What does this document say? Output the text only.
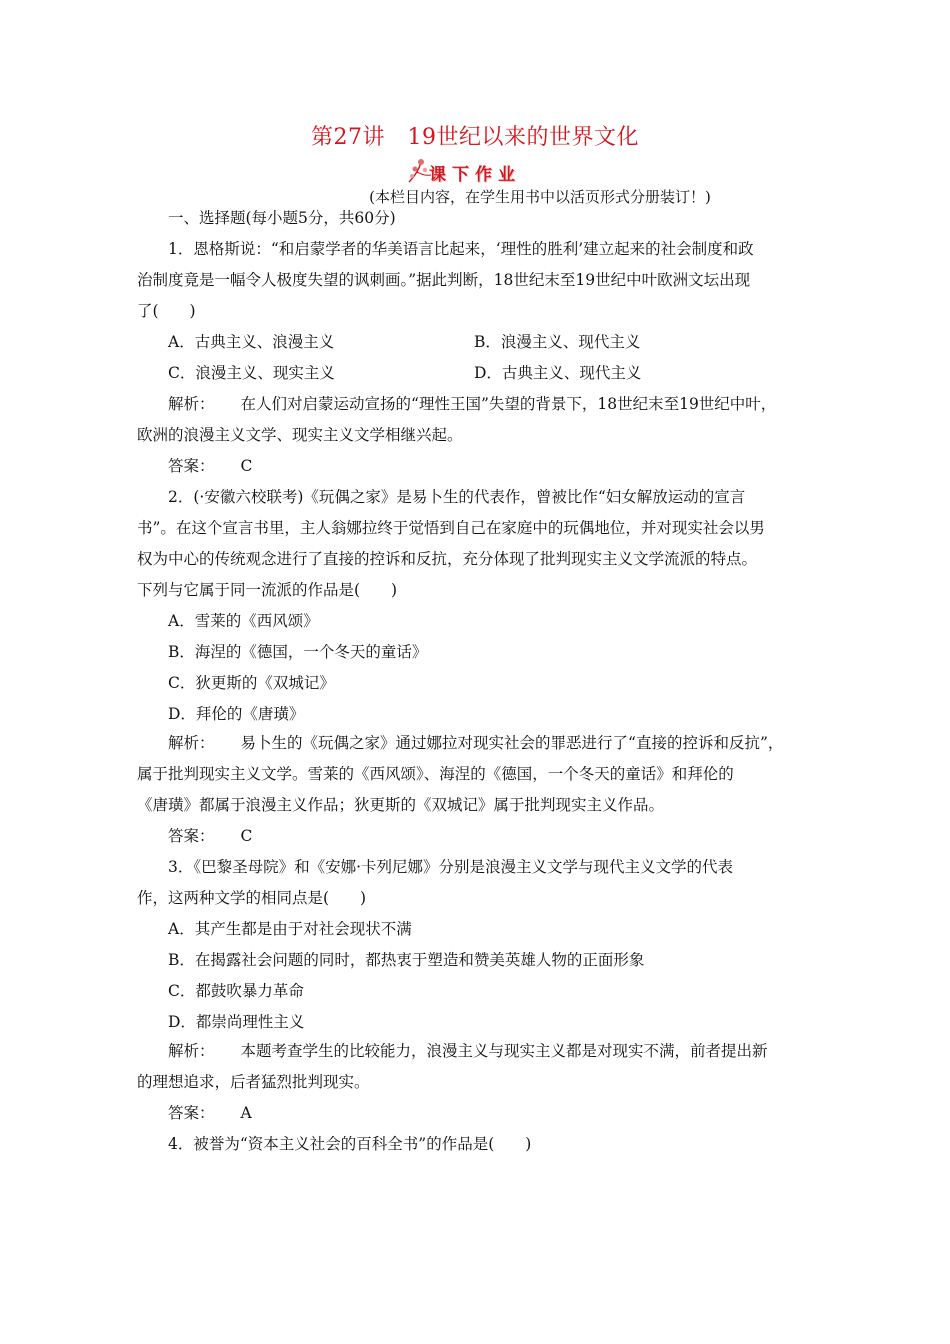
第27讲　19世纪以来的世界文化
课下作业
(本栏目内容，在学生用书中以活页形式分册装订！)
一、选择题(每小题5分，共60分)
1．恩格斯说：“和启蒙学者的华美语言比起来，‘理性的胜利’建立起来的社会制度和政
治制度竟是一幅令人极度失望的讽刺画。”据此判断，18世纪末至19世纪中叶欧洲文坛出现
了(　　)
A．古典主义、浪漫主义	B．浪漫主义、现代主义
C．浪漫主义、现实主义	D．古典主义、现代主义
解析： 在人们对启蒙运动宣扬的“理性王国”失望的背景下，18世纪末至19世纪中叶，
欧洲的浪漫主义文学、现实主义文学相继兴起。
答案： C
2．(·安徽六校联考)《玩偶之家》是易卜生的代表作，曾被比作“妇女解放运动的宣言
书”。在这个宣言书里，主人翁娜拉终于觉悟到自己在家庭中的玩偶地位，并对现实社会以男
权为中心的传统观念进行了直接的控诉和反抗，充分体现了批判现实主义文学流派的特点。
下列与它属于同一流派的作品是(　　)
A．雪莱的《西风颂》
B．海涅的《德国，一个冬天的童话》
C．狄更斯的《双城记》
D．拜伦的《唐璜》
解析： 易卜生的《玩偶之家》通过娜拉对现实社会的罪恶进行了“直接的控诉和反抗”，
属于批判现实主义文学。雪莱的《西风颂》、海涅的《德国，一个冬天的童话》和拜伦的
《唐璜》都属于浪漫主义作品；狄更斯的《双城记》属于批判现实主义作品。
答案： C
3．《巴黎圣母院》和《安娜·卡列尼娜》分别是浪漫主义文学与现代主义文学的代表
作，这两种文学的相同点是(　　)
A．其产生都是由于对社会现状不满
B．在揭露社会问题的同时，都热衷于塑造和赞美英雄人物的正面形象
C．都鼓吹暴力革命
D．都崇尚理性主义
解析： 本题考查学生的比较能力，浪漫主义与现实主义都是对现实不满，前者提出新
的理想追求，后者猛烈批判现实。
答案： A
4．被誉为“资本主义社会的百科全书”的作品是(　　)
